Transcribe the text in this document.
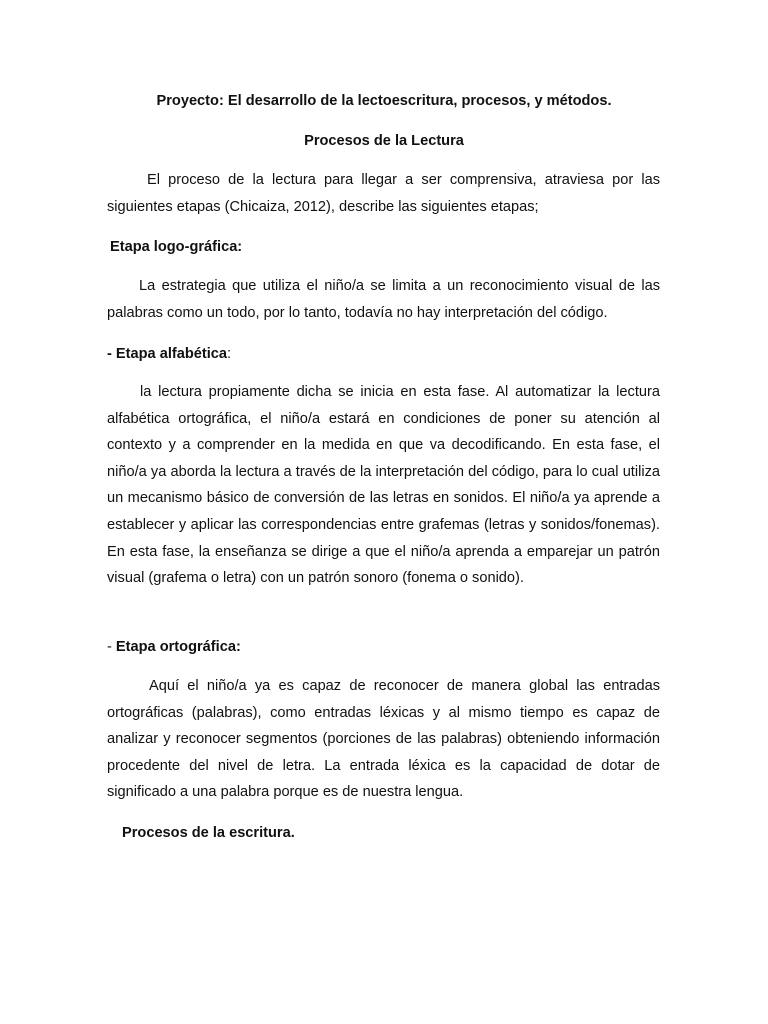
Proyecto: El desarrollo de la lectoescritura, procesos, y métodos.

Procesos de la Lectura

El proceso de la lectura para llegar a ser comprensiva, atraviesa por las siguientes etapas (Chicaiza, 2012), describe las siguientes etapas;

Etapa logo-gráfica:

La estrategia que utiliza el niño/a se limita a un reconocimiento visual de las palabras como un todo, por lo tanto, todavía no hay interpretación del código.

- Etapa alfabética:

la lectura propiamente dicha se inicia en esta fase. Al automatizar la lectura alfabética ortográfica, el niño/a estará en condiciones de poner su atención al contexto y a comprender en la medida en que va decodificando. En esta fase, el niño/a ya aborda la lectura a través de la interpretación del código, para lo cual utiliza un mecanismo básico de conversión de las letras en sonidos. El niño/a ya aprende a establecer y aplicar las correspondencias entre grafemas (letras y sonidos/fonemas). En esta fase, la enseñanza se dirige a que el niño/a aprenda a emparejar un patrón visual (grafema o letra) con un patrón sonoro (fonema o sonido).

- Etapa ortográfica:

Aquí el niño/a ya es capaz de reconocer de manera global las entradas ortográficas (palabras), como entradas léxicas y al mismo tiempo es capaz de analizar y reconocer segmentos (porciones de las palabras) obteniendo información procedente del nivel de letra. La entrada léxica es la capacidad de dotar de significado a una palabra porque es de nuestra lengua.

Procesos de la escritura.
